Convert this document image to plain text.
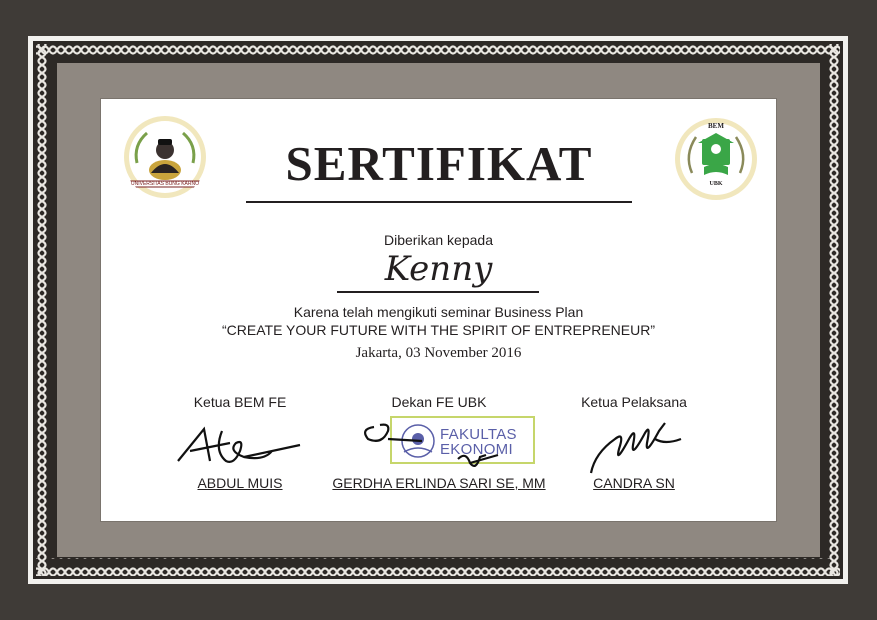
UNIVERSITAS BUNG KARNO
BEM
UBK
SERTIFIKAT
Diberikan kepada
Kenny
Karena telah mengikuti seminar Business Plan
“CREATE YOUR FUTURE WITH THE SPIRIT OF ENTREPRENEUR”
Jakarta, 03 November 2016
Ketua BEM FE
ABDUL MUIS
Dekan FE UBK
FAKULTAS
EKONOMI
GERDHA ERLINDA SARI SE, MM
Ketua Pelaksana
CANDRA SN
